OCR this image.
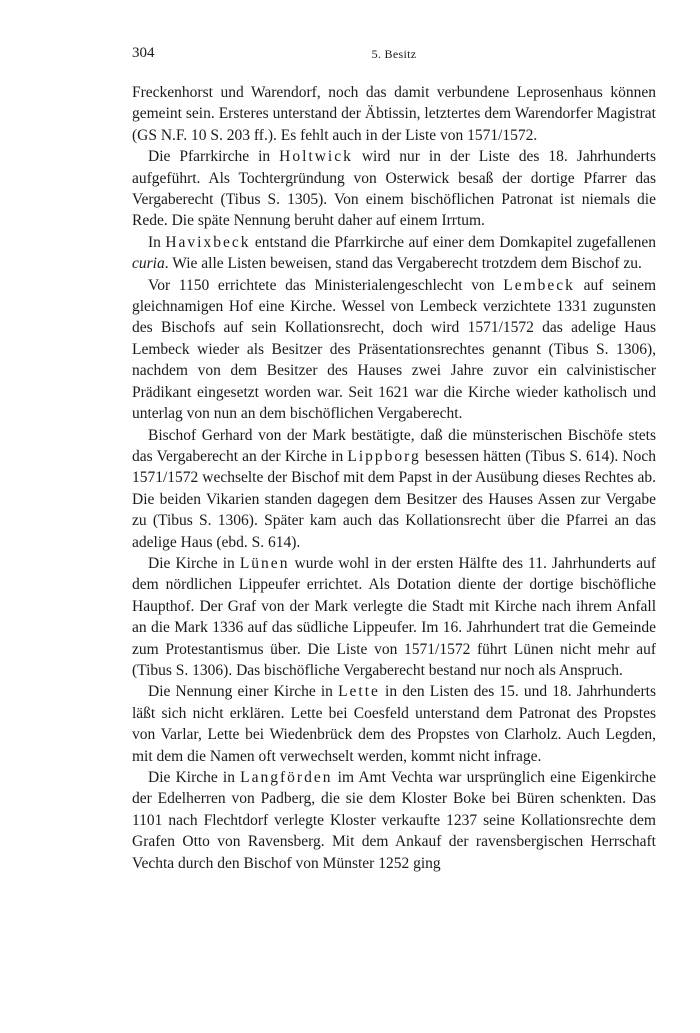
304	5. Besitz

Freckenhorst und Warendorf, noch das damit verbundene Leprosenhaus können gemeint sein. Ersteres unterstand der Äbtissin, letztertes dem Warendorfer Magistrat (GS N.F. 10 S. 203 ff.). Es fehlt auch in der Liste von 1571/1572.

Die Pfarrkirche in Holtwick wird nur in der Liste des 18. Jahrhunderts aufgeführt. Als Tochtergründung von Osterwick besaß der dortige Pfarrer das Vergaberecht (Tibus S. 1305). Von einem bischöflichen Patronat ist niemals die Rede. Die späte Nennung beruht daher auf einem Irrtum.

In Havixbeck entstand die Pfarrkirche auf einer dem Domkapitel zugefallenen curia. Wie alle Listen beweisen, stand das Vergaberecht trotzdem dem Bischof zu.

Vor 1150 errichtete das Ministerialengeschlecht von Lembeck auf seinem gleichnamigen Hof eine Kirche. Wessel von Lembeck verzichtete 1331 zugunsten des Bischofs auf sein Kollationsrecht, doch wird 1571/1572 das adelige Haus Lembeck wieder als Besitzer des Präsentationsrechtes genannt (Tibus S. 1306), nachdem von dem Besitzer des Hauses zwei Jahre zuvor ein calvinistischer Prädikant eingesetzt worden war. Seit 1621 war die Kirche wieder katholisch und unterlag von nun an dem bischöflichen Vergaberecht.

Bischof Gerhard von der Mark bestätigte, daß die münsterischen Bischöfe stets das Vergaberecht an der Kirche in Lippborg besessen hätten (Tibus S. 614). Noch 1571/1572 wechselte der Bischof mit dem Papst in der Ausübung dieses Rechtes ab. Die beiden Vikarien standen dagegen dem Besitzer des Hauses Assen zur Vergabe zu (Tibus S. 1306). Später kam auch das Kollationsrecht über die Pfarrei an das adelige Haus (ebd. S. 614).

Die Kirche in Lünen wurde wohl in der ersten Hälfte des 11. Jahrhunderts auf dem nördlichen Lippeufer errichtet. Als Dotation diente der dortige bischöfliche Haupthof. Der Graf von der Mark verlegte die Stadt mit Kirche nach ihrem Anfall an die Mark 1336 auf das südliche Lippeufer. Im 16. Jahrhundert trat die Gemeinde zum Protestantismus über. Die Liste von 1571/1572 führt Lünen nicht mehr auf (Tibus S. 1306). Das bischöfliche Vergaberecht bestand nur noch als Anspruch.

Die Nennung einer Kirche in Lette in den Listen des 15. und 18. Jahrhunderts läßt sich nicht erklären. Lette bei Coesfeld unterstand dem Patronat des Propstes von Varlar, Lette bei Wiedenbrück dem des Propstes von Clarholz. Auch Legden, mit dem die Namen oft verwechselt werden, kommt nicht infrage.

Die Kirche in Langförden im Amt Vechta war ursprünglich eine Eigenkirche der Edelherren von Padberg, die sie dem Kloster Boke bei Büren schenkten. Das 1101 nach Flechtdorf verlegte Kloster verkaufte 1237 seine Kollationsrechte dem Grafen Otto von Ravensberg. Mit dem Ankauf der ravensbergischen Herrschaft Vechta durch den Bischof von Münster 1252 ging
